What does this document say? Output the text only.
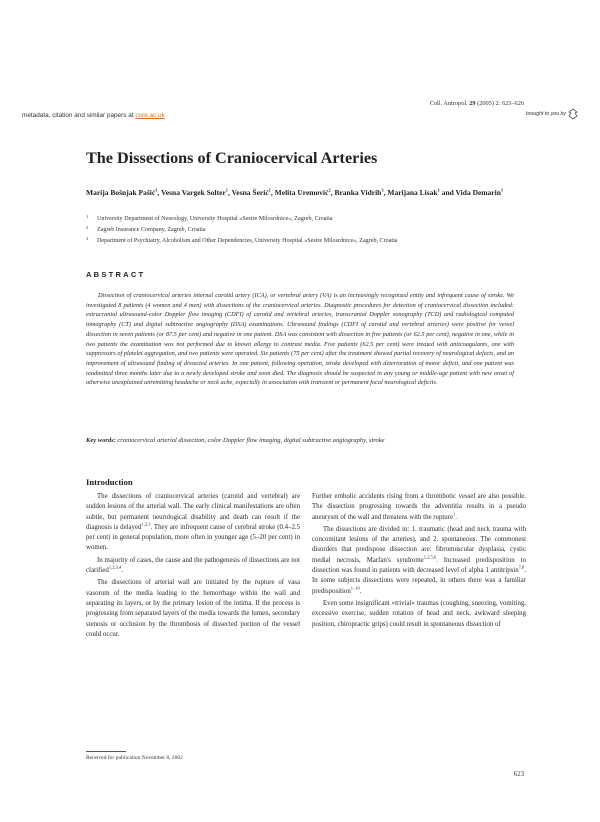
Coll. Antropol. 29 (2005) 2: 623–626
metadata, citation and similar papers at core.ac.uk	brought to you by
The Dissections of Craniocervical Arteries
Marija Bošnjak Pašić$^1$, Vesna Vargek Solter$^1$, Vesna Šerić$^1$, Melita Uremović$^2$, Branka Vidrih$^3$, Marijana Lisak$^1$ and Vida Demarin$^1$
1 University Department of Neurology, University Hospital »Sestre Milosrdnice«, Zagreb, Croatia
2 Zagreb Insurance Company, Zagreb, Croatia
3 Department of Psychiatry, Alcoholism and Other Dependencies, University Hospital »Sestre Milosrdnice«, Zagreb, Croatia
ABSTRACT
Dissection of craniocervical arteries internal carotid artery (ICA), or vertebral artery (VA) is an increasingly recognized entity and infrequent cause of stroke. We investigated 8 patients (4 women and 4 men) with dissections of the craniocervical arteries. Diagnostic procedures for detection of craniocervical dissection included: extracranial ultrasound-color Doppler flow imaging (CDFI) of carotid and vertebral arteries, transcranial Doppler sonography (TCD) and radiological computed tomography (CT) and digital subtractive angiography (DSA) examinations. Ultrasound findings (CDFI of carotid and vertebral arteries) were positive for vessel dissection in seven patients (or 87.5 per cent) and negative in one patient. DSA was consistent with dissection in five patients (or 62.5 per cent), negative in one, while in two patients the examination was not performed due to known allergy to contrast media. Five patients (62.5 per cent) were treated with anticoagulants, one with suppressors of platelet aggregation, and two patients were operated. Six patients (75 per cent) after the treatment showed partial recovery of neurological defects, and an improvement of ultrasound finding of dissected arteries. In one patient, following operation, stroke developed with deterioration of motor deficit, and one patient was readmitted three months later due to a newly developed stroke and soon died. The diagnosis should be suspected in any young or middle-age patient with new onset of otherwise unexplained unremitting headache or neck ache, especially in association with transient or permanent focal neurological deficits.
Key words: craniocervical arterial dissection, color Doppler flow imaging, digital subtractive angiography, stroke
Introduction

The dissections of craniocervical arteries (carotid and vertebral) are sudden lesions of the arterial wall. The early clinical manifestations are often subtle, but permanent neurological disability and death can result if the diagnosis is delayed$^{1,2,3}$. They are infrequent cause of cerebral stroke (0.4–2.5 per cent) in general population, more often in younger age (5–20 per cent) in women.

In majority of cases, the cause and the pathogenesis of dissections are not clarified$^{1,2,3,4}$.

The dissections of arterial wall are initiated by the rupture of vasa vasorum of the media leading to the hemorrhage within the wall and separating its layers, or by the primary lesion of the intima. If the process is progressing from separated layers of the media towards the lumen, secondary stenosis or occlusion by the thrombosis of dissected portion of the vessel could occur.

Further embolic accidents rising from a thrombotic vessel are also possible. The dissection progressing towards the adventitia results in a pseudo aneurysm of the wall and threatens with the rupture$^1$.

The dissections are divided in: 1. traumatic (head and neck trauma with concomitant lesions of the arteries), and 2. spontaneous. The commonest disorders that predispose dissection are: fibromuscular dysplasia, cystic medial necrosis, Marfan's syndrome$^{1,2,5,6}$. Increased predisposition to dissection was found in patients with decreased level of alpha 1 antitripsin$^{7,8}$. In some subjects dissections were repeated, in others there was a familiar predisposition$^{1-10}$.

Even some insignificant »trivial« traumas (coughing, sneezing, vomiting, excessive exercise, sudden rotation of head and neck, awkward sleeping position, chiropractic grips) could result in spontaneous dissection of

Received for publication November 8, 2002
623
